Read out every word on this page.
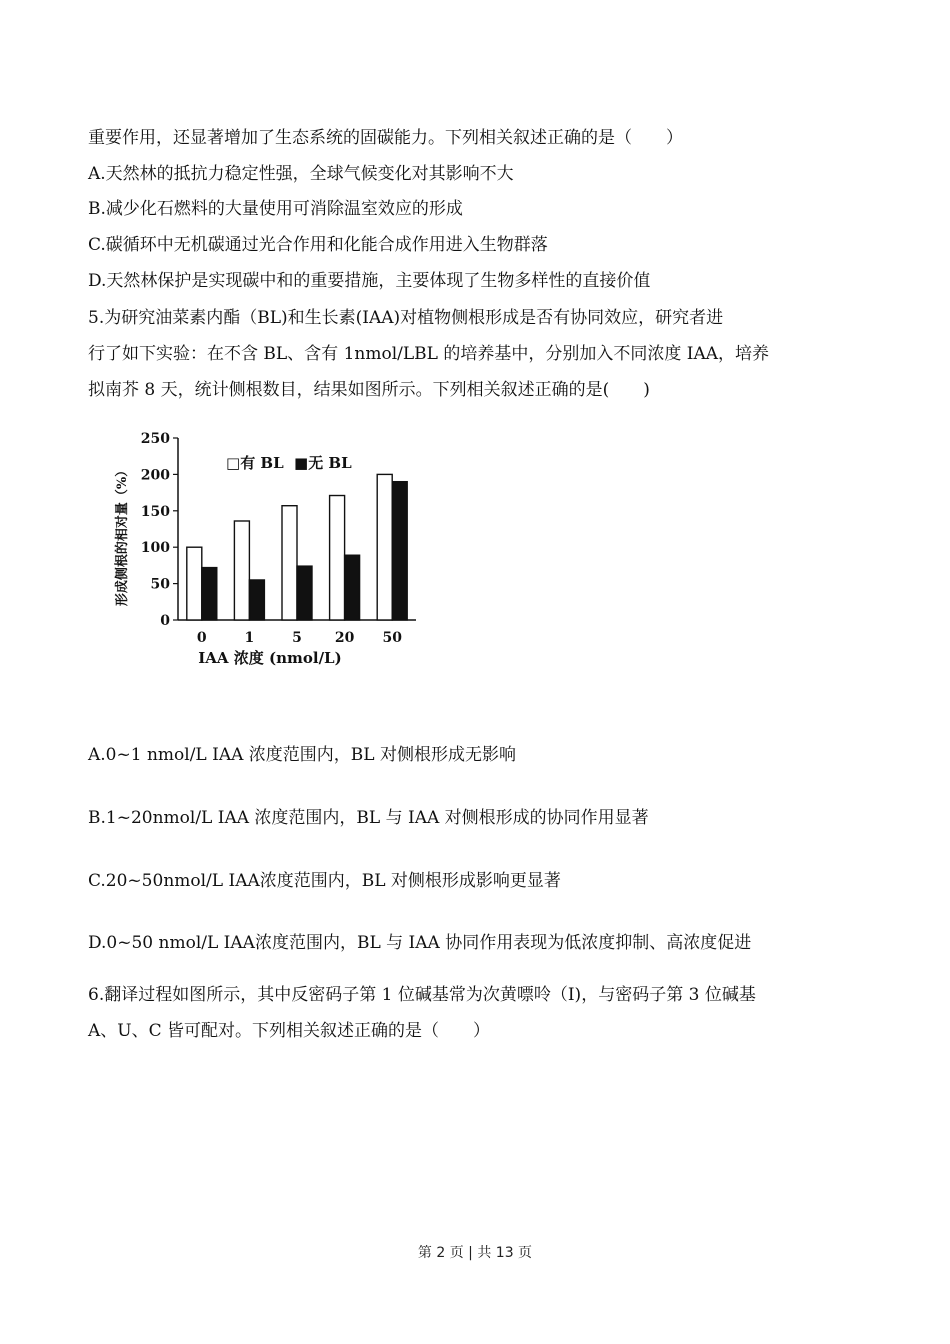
重要作用，还显著增加了生态系统的固碳能力。下列相关叙述正确的是（　　）
A.天然林的抵抗力稳定性强，全球气候变化对其影响不大
B.减少化石燃料的大量使用可消除温室效应的形成
C.碳循环中无机碳通过光合作用和化能合成作用进入生物群落
D.天然林保护是实现碳中和的重要措施，主要体现了生物多样性的直接价值
5.为研究油菜素内酯（BL)和生长素(IAA)对植物侧根形成是否有协同效应，研究者进
行了如下实验：在不含 BL、含有 1nmol/LBL 的培养基中，分别加入不同浓度 IAA，培养
拟南芥 8 天，统计侧根数目，结果如图所示。下列相关叙述正确的是(　　)
0
50
100
150
200
250
0	1	5 20 50
□有 BL ■无 BL
IAA 浓度 (nmol/L)
形成侧根的相对量（%）
A.0~1 nmol/L IAA 浓度范围内，BL 对侧根形成无影响
B.1~20nmol/L IAA 浓度范围内，BL 与 IAA 对侧根形成的协同作用显著
C.20~50nmol/L IAA浓度范围内，BL 对侧根形成影响更显著
D.0~50 nmol/L IAA浓度范围内，BL 与 IAA 协同作用表现为低浓度抑制、高浓度促进
6.翻译过程如图所示，其中反密码子第 1 位碱基常为次黄嘌呤（I)，与密码子第 3 位碱基
A、U、C 皆可配对。下列相关叙述正确的是（　　）
第 2 页 | 共 13 页
